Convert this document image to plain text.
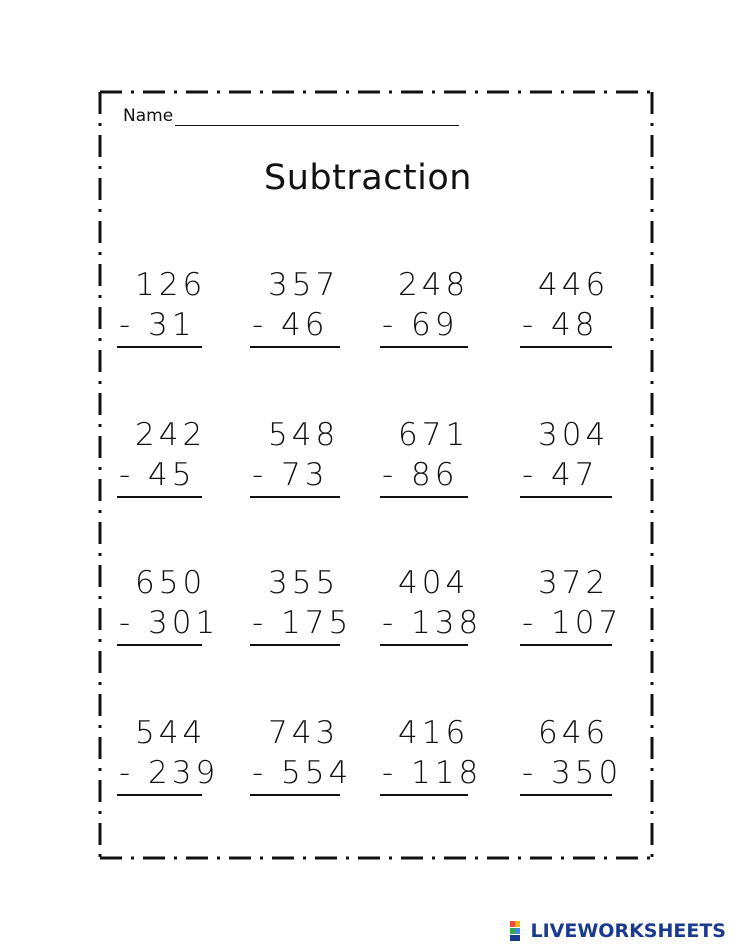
Name
Subtraction
126
- 31
357
- 46
248
- 69
446
- 48
242
- 45
548
- 73
671
- 86
304
- 47
650
- 301
355
- 175
404
- 138
372
- 107
544
- 239
743
- 554
416
- 118
646
- 350
LIVEWORKSHEETS
